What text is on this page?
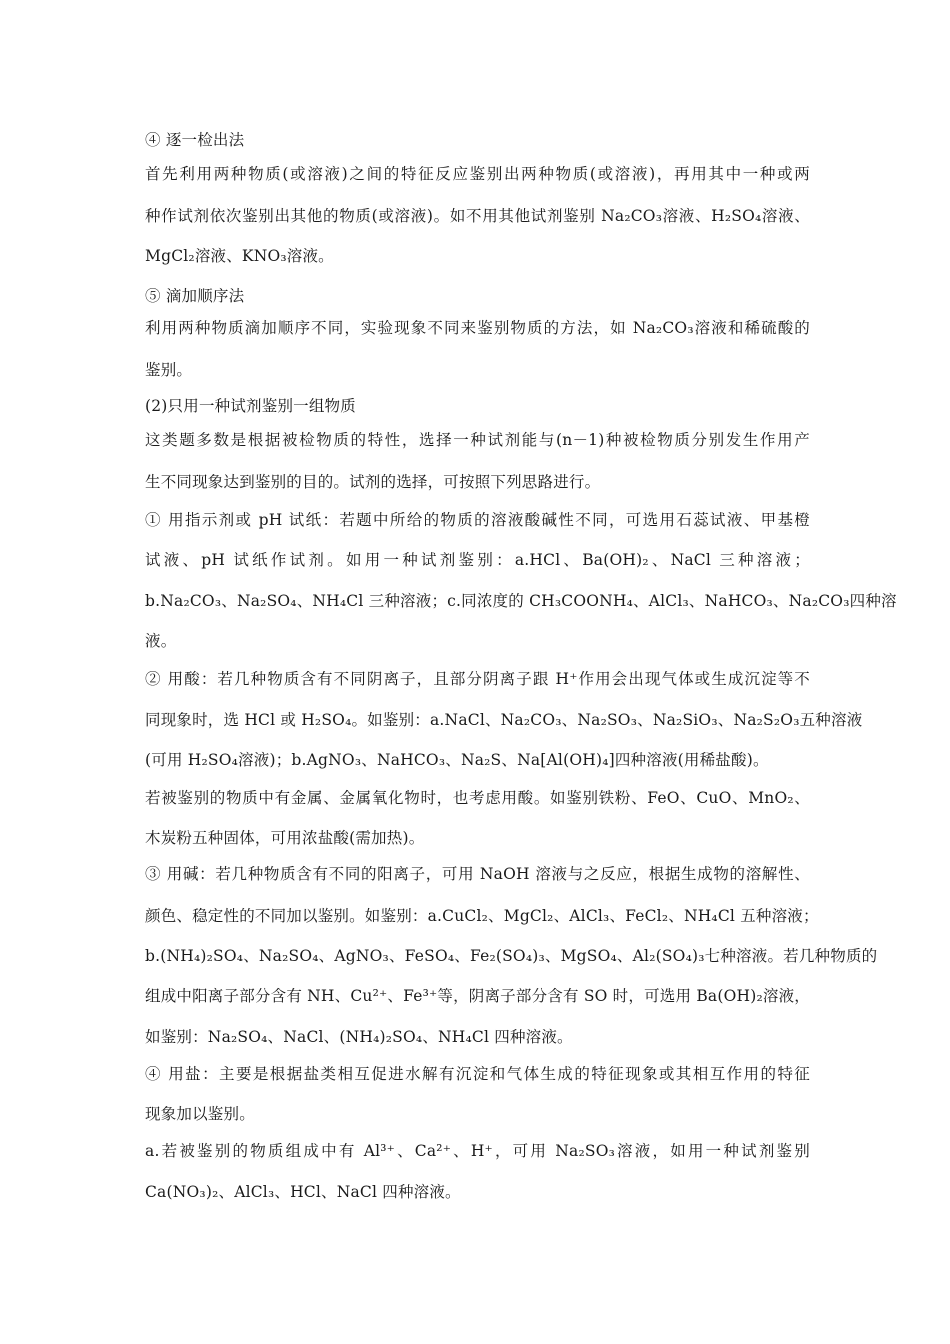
④ 逐一检出法
首先利用两种物质(或溶液)之间的特征反应鉴别出两种物质(或溶液)，再用其中一种或两
种作试剂依次鉴别出其他的物质(或溶液)。如不用其他试剂鉴别 Na₂CO₃溶液、H₂SO₄溶液、
MgCl₂溶液、KNO₃溶液。
⑤ 滴加顺序法
利用两种物质滴加顺序不同，实验现象不同来鉴别物质的方法，如 Na₂CO₃溶液和稀硫酸的
鉴别。
(2)只用一种试剂鉴别一组物质
这类题多数是根据被检物质的特性，选择一种试剂能与(n－1)种被检物质分别发生作用产
生不同现象达到鉴别的目的。试剂的选择，可按照下列思路进行。
① 用指示剂或 pH 试纸：若题中所给的物质的溶液酸碱性不同，可选用石蕊试液、甲基橙
试液、pH 试纸作试剂。如用一种试剂鉴别：a.HCl、Ba(OH)₂、NaCl 三种溶液；
b.Na₂CO₃、Na₂SO₄、NH₄Cl 三种溶液；c.同浓度的 CH₃COONH₄、AlCl₃、NaHCO₃、Na₂CO₃四种溶
液。
② 用酸：若几种物质含有不同阴离子，且部分阴离子跟 H⁺作用会出现气体或生成沉淀等不
同现象时，选 HCl 或 H₂SO₄。如鉴别：a.NaCl、Na₂CO₃、Na₂SO₃、Na₂SiO₃、Na₂S₂O₃五种溶液
(可用 H₂SO₄溶液)；b.AgNO₃、NaHCO₃、Na₂S、Na[Al(OH)₄]四种溶液(用稀盐酸)。
若被鉴别的物质中有金属、金属氧化物时，也考虑用酸。如鉴别铁粉、FeO、CuO、MnO₂、
木炭粉五种固体，可用浓盐酸(需加热)。
③ 用碱：若几种物质含有不同的阳离子，可用 NaOH 溶液与之反应，根据生成物的溶解性、
颜色、稳定性的不同加以鉴别。如鉴别：a.CuCl₂、MgCl₂、AlCl₃、FeCl₂、NH₄Cl 五种溶液；
b.(NH₄)₂SO₄、Na₂SO₄、AgNO₃、FeSO₄、Fe₂(SO₄)₃、MgSO₄、Al₂(SO₄)₃七种溶液。若几种物质的
组成中阳离子部分含有 NH、Cu²⁺、Fe³⁺等，阴离子部分含有 SO 时，可选用 Ba(OH)₂溶液，
如鉴别：Na₂SO₄、NaCl、(NH₄)₂SO₄、NH₄Cl 四种溶液。
④ 用盐：主要是根据盐类相互促进水解有沉淀和气体生成的特征现象或其相互作用的特征
现象加以鉴别。
a.若被鉴别的物质组成中有 Al³⁺、Ca²⁺、H⁺，可用 Na₂SO₃溶液，如用一种试剂鉴别
Ca(NO₃)₂、AlCl₃、HCl、NaCl 四种溶液。
